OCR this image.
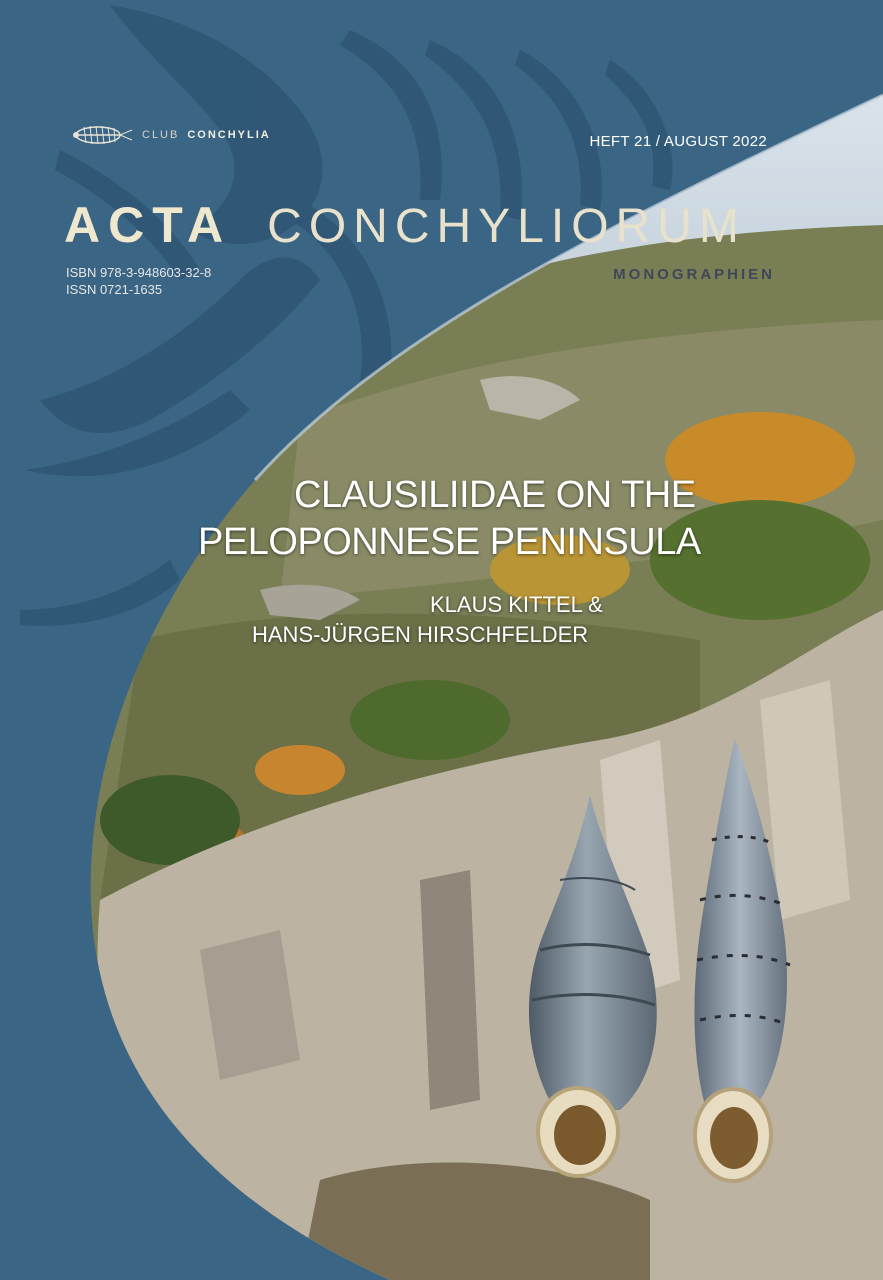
CLUB CONCHYLIA	HEFT 21 / AUGUST 2022
ACTA CONCHYLIORUM
MONOGRAPHIEN
ISBN 978-3-948603-32-8
ISSN 0721-1635
CLAUSILIIDAE ON THE
PELOPONNESE PENINSULA
KLAUS KITTEL &
HANS-JÜRGEN HIRSCHFELDER
